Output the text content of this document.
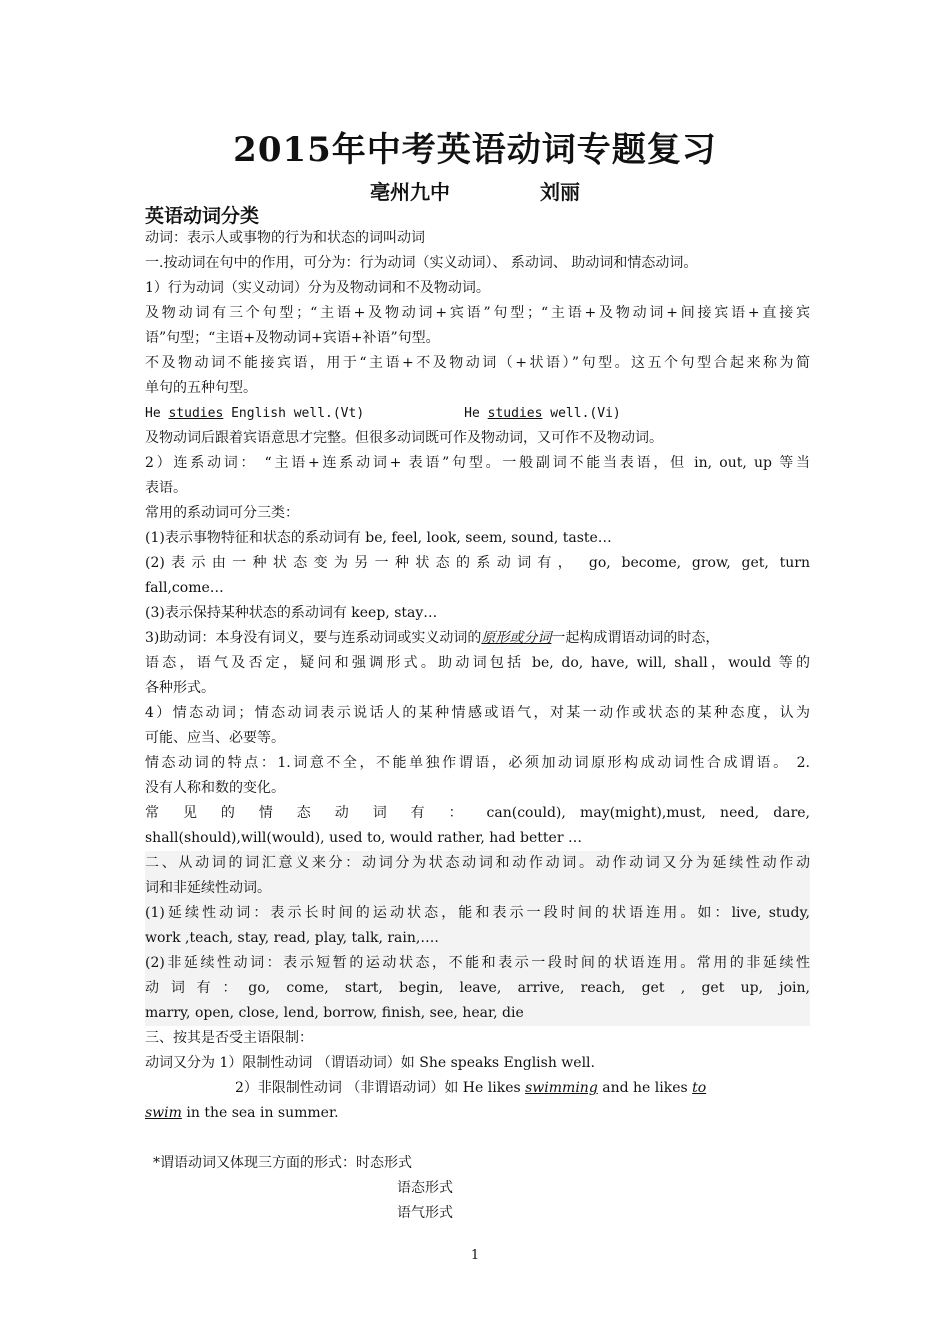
2015年中考英语动词专题复习
亳州九中	刘丽
英语动词分类

动词：表示人或事物的行为和状态的词叫动词

一.按动词在句中的作用，可分为：行为动词（实义动词）、 系动词、 助动词和情态动词。

1）行为动词（实义动词）分为及物动词和不及物动词。

及物动词有三个句型；“主语+及物动词+宾语”句型；“主语+及物动词+间接宾语+直接宾

语”句型；“主语+及物动词+宾语+补语”句型。

不及物动词不能接宾语，用于“主语+不及物动词（+状语）”句型。这五个句型合起来称为简

单句的五种句型。

He studies English well.(Vt)	He studies well.(Vi)

及物动词后跟着宾语意思才完整。但很多动词既可作及物动词，又可作不及物动词。

2）连系动词： “主语+连系动词+ 表语”句型。一般副词不能当表语，但 in, out, up 等当

表语。

常用的系动词可分三类：

(1)表示事物特征和状态的系动词有 be, feel, look, seem, sound, taste…

(2)表示由一种状态变为另一种状态的系动词有， go, become, grow, get, turn

fall,come…

(3)表示保持某种状态的系动词有 keep, stay…

3)助动词：本身没有词义，要与连系动词或实义动词的原形或分词一起构成谓语动词的时态，

语态，语气及否定，疑问和强调形式。助动词包括 be, do, have, will, shall，would 等的

各种形式。

4）情态动词；情态动词表示说话人的某种情感或语气，对某一动作或状态的某种态度，认为

可能、应当、必要等。

情态动词的特点：1.词意不全，不能单独作谓语，必须加动词原形构成动词性合成谓语。 2.

没有人称和数的变化。

常 见 的 情 态 动 词 有 ： can(could), may(might),must, need, dare,

shall(should),will(would), used to, would rather, had better …

二、从动词的词汇意义来分：动词分为状态动词和动作动词。动作动词又分为延续性动作动

词和非延续性动词。

(1)延续性动词：表示长时间的运动状态，能和表示一段时间的状语连用。如：live, study,

work ,teach, stay, read, play, talk, rain,….

(2)非延续性动词：表示短暂的运动状态，不能和表示一段时间的状语连用。常用的非延续性

动词有：go, come, start, begin, leave, arrive, reach, get , get up, join,

marry, open, close, lend, borrow, finish, see, hear, die

三、按其是否受主语限制：

动词又分为 1）限制性动词 （谓语动词）如 She speaks English well.

2）非限制性动词 （非谓语动词）如 He likes swimming and he likes to

swim in the sea in summer.

*谓语动词又体现三方面的形式：时态形式

语态形式

语气形式

1
